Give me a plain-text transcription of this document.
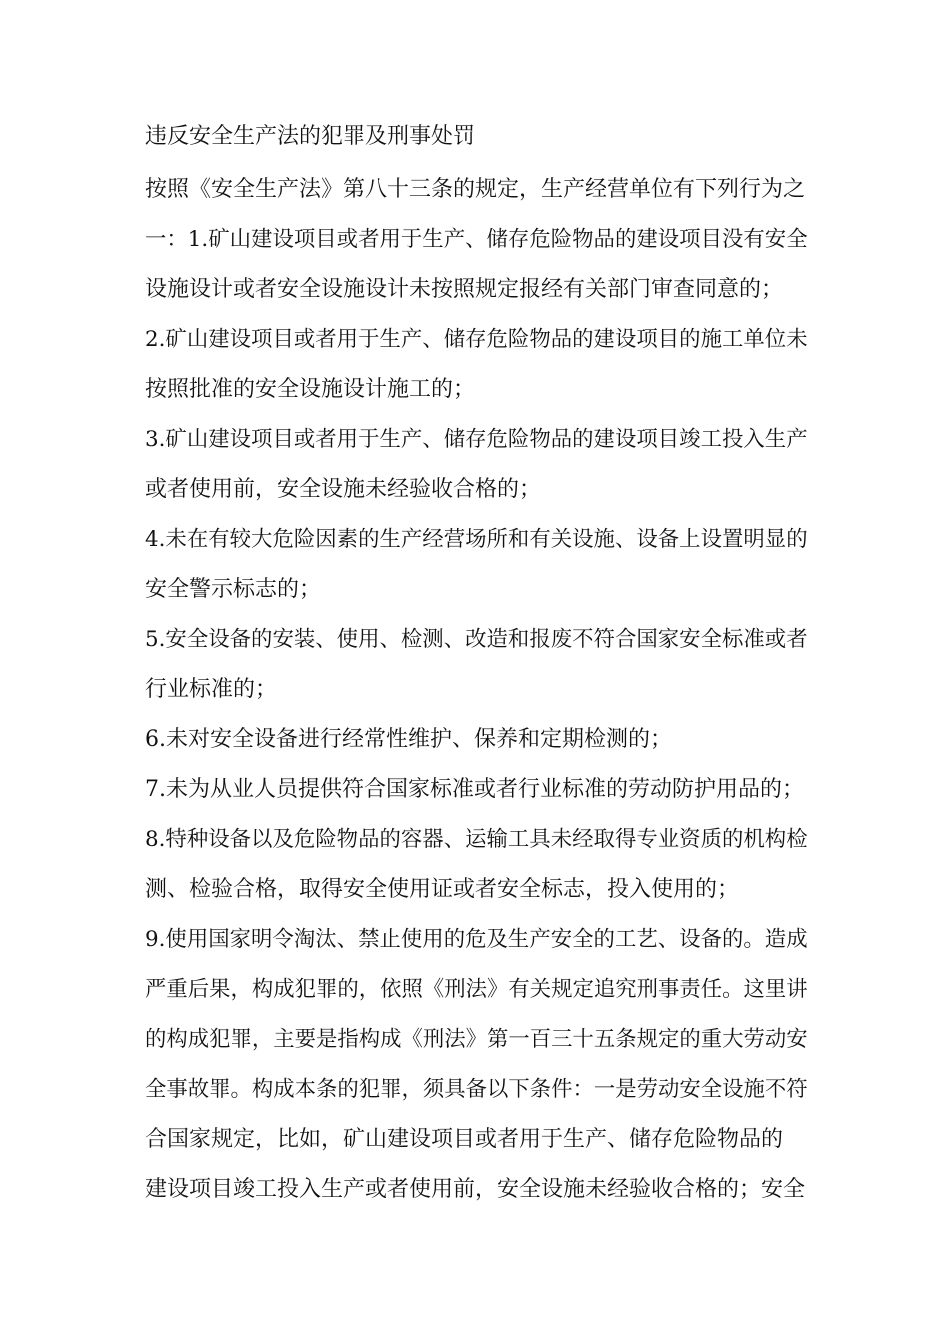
违反安全生产法的犯罪及刑事处罚
按照《安全生产法》第八十三条的规定，生产经营单位有下列行为之
一：1.矿山建设项目或者用于生产、储存危险物品的建设项目没有安全
设施设计或者安全设施设计未按照规定报经有关部门审查同意的；
2.矿山建设项目或者用于生产、储存危险物品的建设项目的施工单位未
按照批准的安全设施设计施工的；
3.矿山建设项目或者用于生产、储存危险物品的建设项目竣工投入生产
或者使用前，安全设施未经验收合格的；
4.未在有较大危险因素的生产经营场所和有关设施、设备上设置明显的
安全警示标志的；
5.安全设备的安装、使用、检测、改造和报废不符合国家安全标准或者
行业标准的；
6.未对安全设备进行经常性维护、保养和定期检测的；
7.未为从业人员提供符合国家标准或者行业标准的劳动防护用品的；
8.特种设备以及危险物品的容器、运输工具未经取得专业资质的机构检
测、检验合格，取得安全使用证或者安全标志，投入使用的；
9.使用国家明令淘汰、禁止使用的危及生产安全的工艺、设备的。造成
严重后果，构成犯罪的，依照《刑法》有关规定追究刑事责任。这里讲
的构成犯罪，主要是指构成《刑法》第一百三十五条规定的重大劳动安
全事故罪。构成本条的犯罪，须具备以下条件：一是劳动安全设施不符
合国家规定，比如，矿山建设项目或者用于生产、储存危险物品的
建设项目竣工投入生产或者使用前，安全设施未经验收合格的；安全
